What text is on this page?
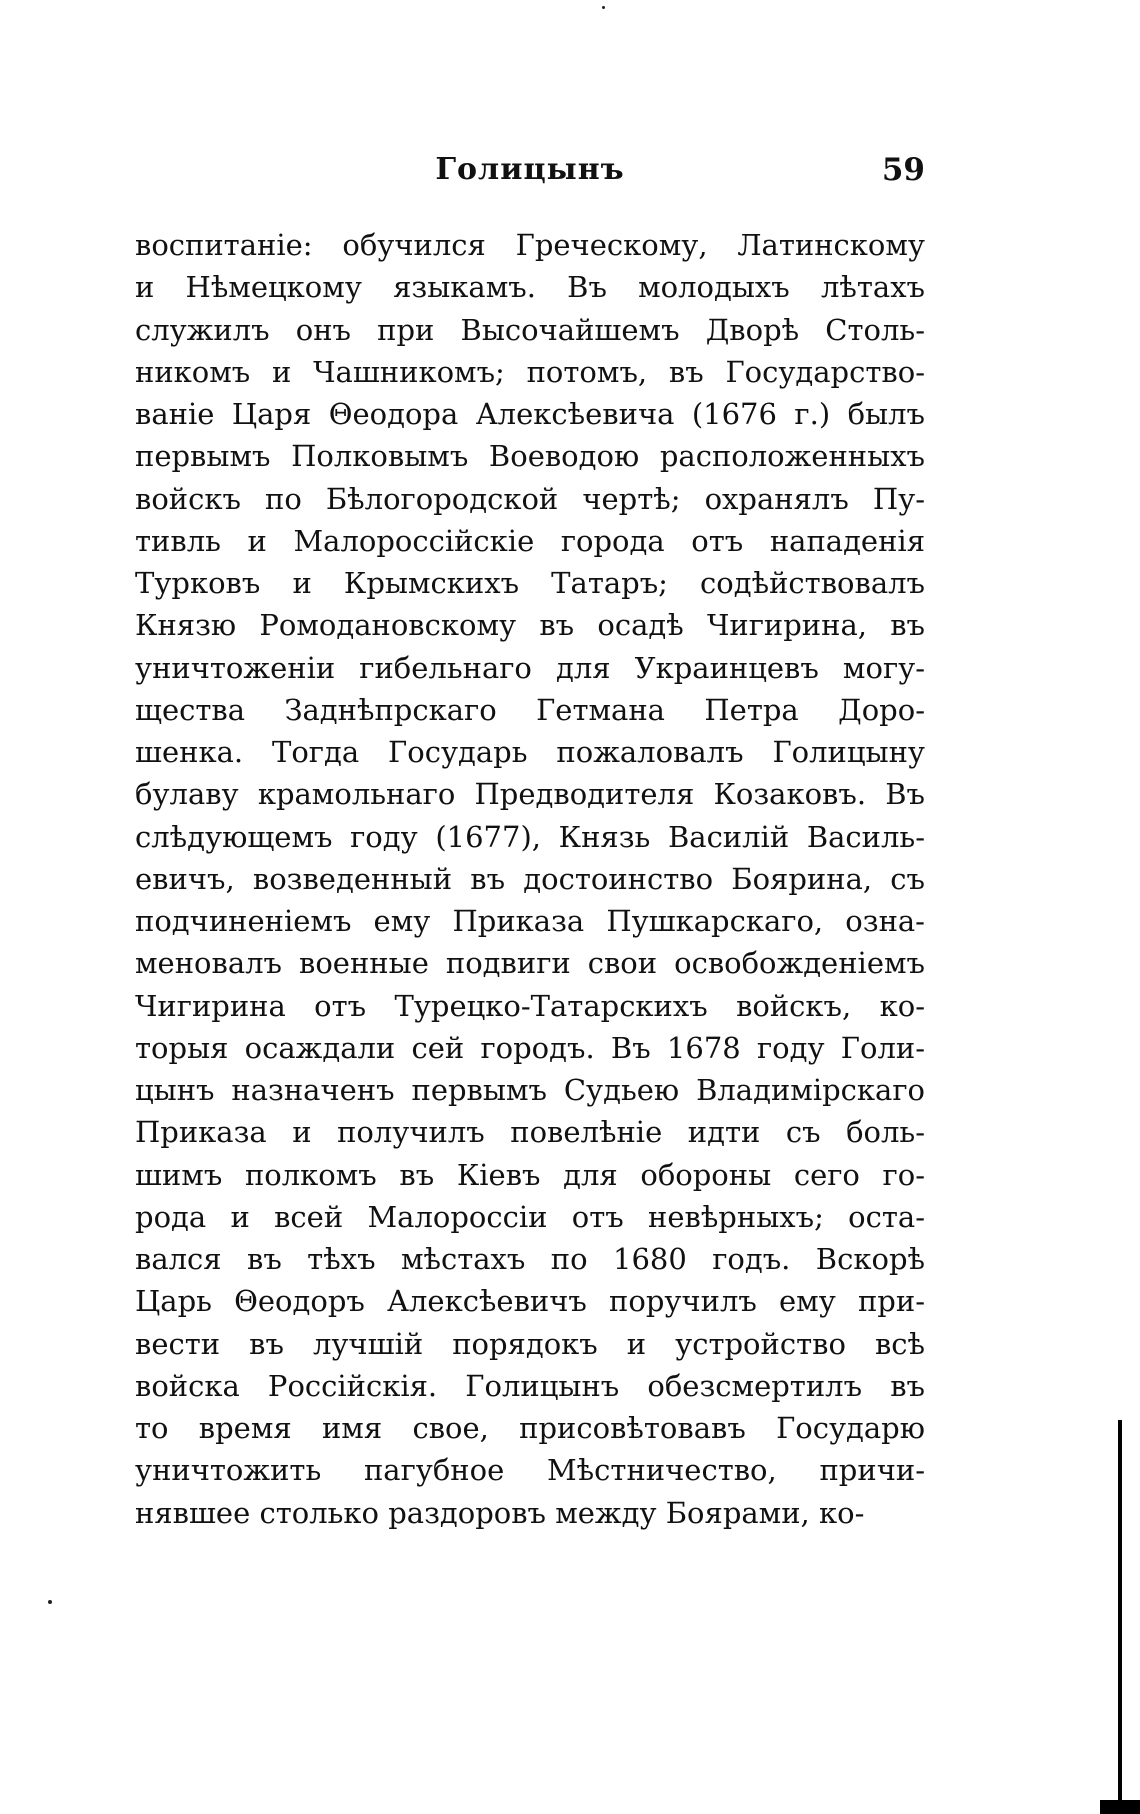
Голицынъ	59
воспитаніе: обучился Греческому, Латинскому
и Нѣмецкому языкамъ. Въ молодыхъ лѣтахъ
служилъ онъ при Высочайшемъ Дворѣ Столь-
никомъ и Чашникомъ; потомъ, въ Государство-
ваніе Царя Θеодора Алексѣевича (1676 г.) былъ
первымъ Полковымъ Воеводою расположенныхъ
войскъ по Бѣлогородской чертѣ; охранялъ Пу-
тивль и Малороссійскіе города отъ нападенія
Турковъ и Крымскихъ Татаръ; содѣйствовалъ
Князю Ромодановскому въ осадѣ Чигирина, въ
уничтоженіи гибельнаго для Украинцевъ могу-
щества Заднѣпрскаго Гетмана Петра Доро-
шенка. Тогда Государь пожаловалъ Голицыну
булаву крамольнаго Предводителя Козаковъ. Въ
слѣдующемъ году (1677), Князь Василій Василь-
евичъ, возведенный въ достоинство Боярина, съ
подчиненіемъ ему Приказа Пушкарскаго, озна-
меновалъ военные подвиги свои освобожденіемъ
Чигирина отъ Турецко-Татарскихъ войскъ, ко-
торыя осаждали сей городъ. Въ 1678 году Голи-
цынъ назначенъ первымъ Судьею Владимірскаго
Приказа и получилъ повелѣніе идти съ боль-
шимъ полкомъ въ Кіевъ для обороны сего го-
рода и всей Малороссіи отъ невѣрныхъ; оста-
вался въ тѣхъ мѣстахъ по 1680 годъ. Вскорѣ
Царь Θеодоръ Алексѣевичъ поручилъ ему при-
вести въ лучшій порядокъ и устройство всѣ
войска Россійскія. Голицынъ обезсмертилъ въ
то время имя свое, присовѣтовавъ Государю
уничтожить пагубное Мѣстничество, причи-
нявшее столько раздоровъ между Боярами, ко-
